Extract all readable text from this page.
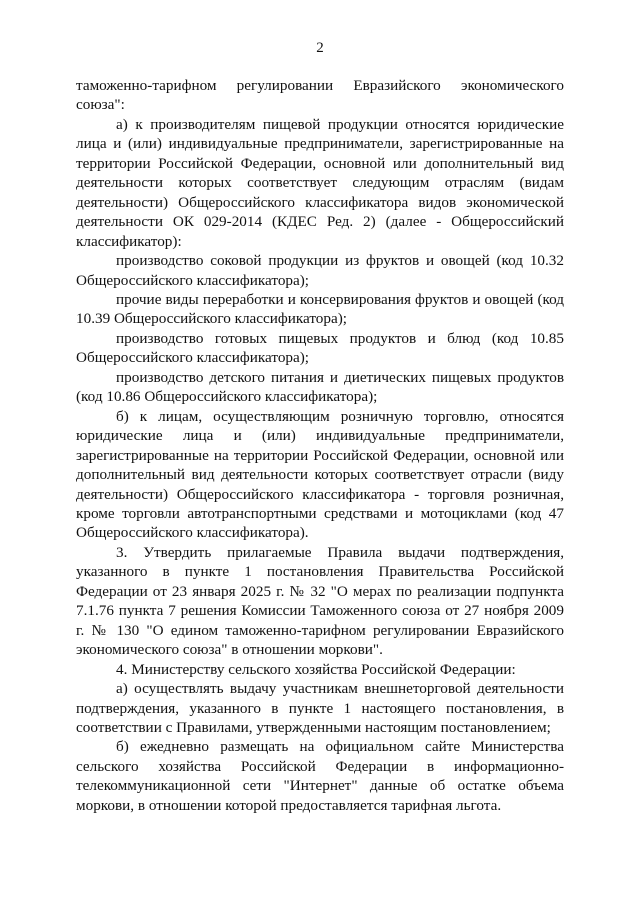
2

таможенно-тарифном регулировании Евразийского экономического союза":

а) к производителям пищевой продукции относятся юридические лица и (или) индивидуальные предприниматели, зарегистрированные на территории Российской Федерации, основной или дополнительный вид деятельности которых соответствует следующим отраслям (видам деятельности) Общероссийского классификатора видов экономической деятельности ОК 029-2014 (КДЕС Ред. 2) (далее - Общероссийский классификатор):

производство соковой продукции из фруктов и овощей (код 10.32 Общероссийского классификатора);

прочие виды переработки и консервирования фруктов и овощей (код 10.39 Общероссийского классификатора);

производство готовых пищевых продуктов и блюд (код 10.85 Общероссийского классификатора);

производство детского питания и диетических пищевых продуктов (код 10.86 Общероссийского классификатора);

б) к лицам, осуществляющим розничную торговлю, относятся юридические лица и (или) индивидуальные предприниматели, зарегистрированные на территории Российской Федерации, основной или дополнительный вид деятельности которых соответствует отрасли (виду деятельности) Общероссийского классификатора - торговля розничная, кроме торговли автотранспортными средствами и мотоциклами (код 47 Общероссийского классификатора).

3. Утвердить прилагаемые Правила выдачи подтверждения, указанного в пункте 1 постановления Правительства Российской Федерации от 23 января 2025 г. № 32 "О мерах по реализации подпункта 7.1.76 пункта 7 решения Комиссии Таможенного союза от 27 ноября 2009 г. № 130 "О едином таможенно-тарифном регулировании Евразийского экономического союза" в отношении моркови".

4. Министерству сельского хозяйства Российской Федерации:

а) осуществлять выдачу участникам внешнеторговой деятельности подтверждения, указанного в пункте 1 настоящего постановления, в соответствии с Правилами, утвержденными настоящим постановлением;

б) ежедневно размещать на официальном сайте Министерства сельского хозяйства Российской Федерации в информационно-телекоммуникационной сети "Интернет" данные об остатке объема моркови, в отношении которой предоставляется тарифная льгота.
